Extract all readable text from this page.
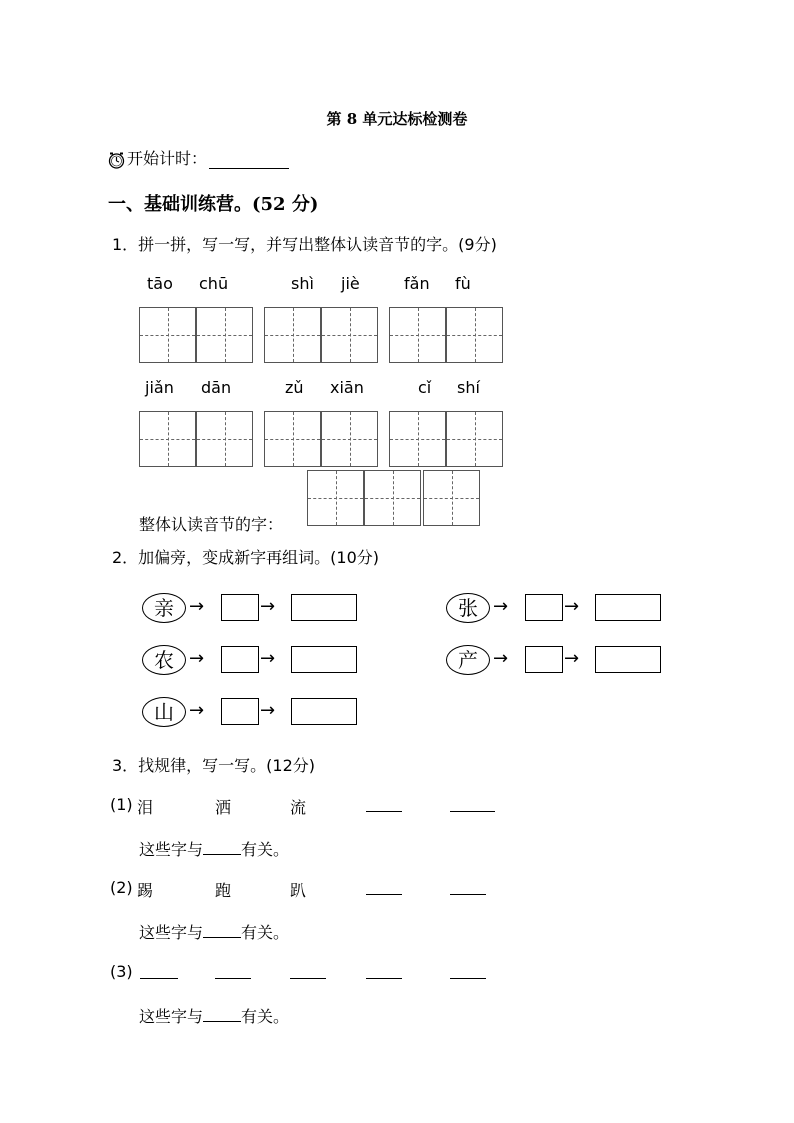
第 8 单元达标检测卷
开始计时：
一、基础训练营。(52 分)
1．拼一拼，写一写，并写出整体认读音节的字。(9分)
tāo chū	shì jiè	fǎn fù
jiǎn dān	zǔ xiān	cǐ shí
整体认读音节的字：
2．加偏旁，变成新字再组词。(10分)
亲 →	→	张 →	→
农 →	→	产 →	→
山 →	→
3．找规律，写一写。(12分)
(1) 泪	洒	流
这些字与 有关。
(2) 踢	跑	趴
这些字与 有关。
(3)
这些字与 有关。
